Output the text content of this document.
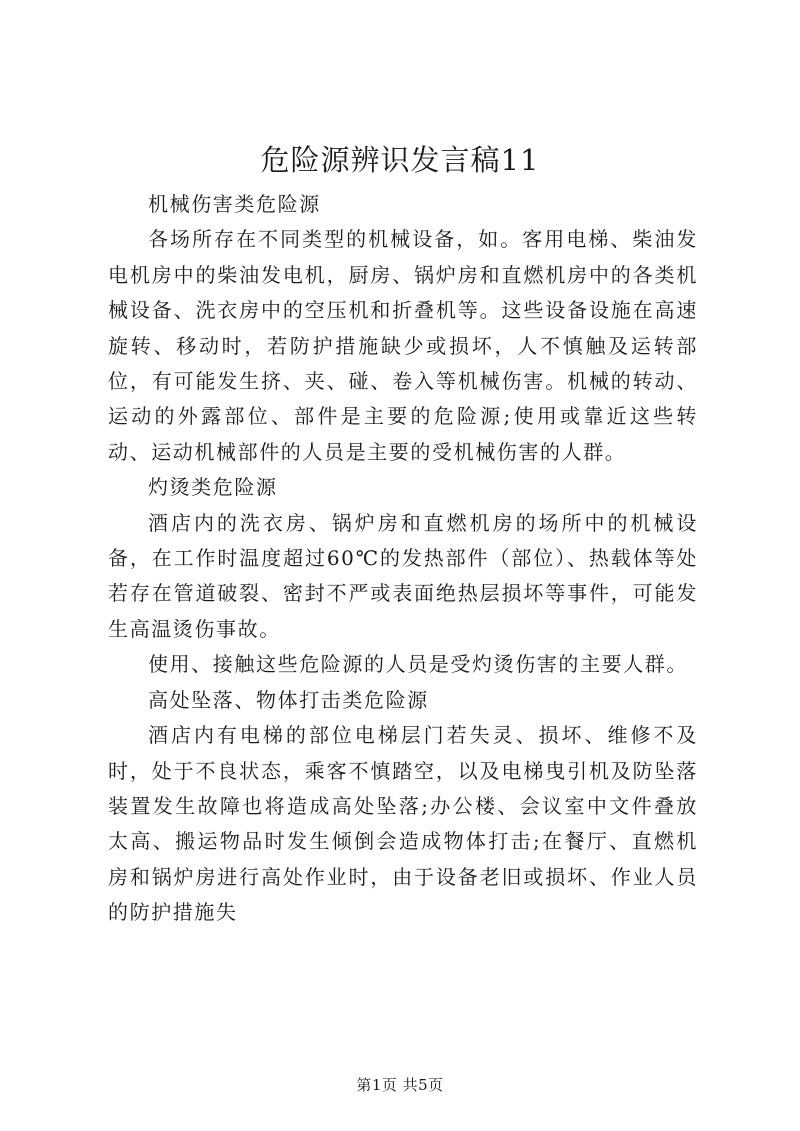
危险源辨识发言稿11

机械伤害类危险源

各场所存在不同类型的机械设备，如。客用电梯、柴油发电机房中的柴油发电机，厨房、锅炉房和直燃机房中的各类机械设备、洗衣房中的空压机和折叠机等。这些设备设施在高速旋转、移动时，若防护措施缺少或损坏，人不慎触及运转部位，有可能发生挤、夹、碰、卷入等机械伤害。机械的转动、运动的外露部位、部件是主要的危险源;使用或靠近这些转动、运动机械部件的人员是主要的受机械伤害的人群。

灼烫类危险源

酒店内的洗衣房、锅炉房和直燃机房的场所中的机械设备，在工作时温度超过60℃的发热部件（部位）、热载体等处若存在管道破裂、密封不严或表面绝热层损坏等事件，可能发生高温烫伤事故。

使用、接触这些危险源的人员是受灼烫伤害的主要人群。

高处坠落、物体打击类危险源

酒店内有电梯的部位电梯层门若失灵、损坏、维修不及时，处于不良状态，乘客不慎踏空，以及电梯曳引机及防坠落装置发生故障也将造成高处坠落;办公楼、会议室中文件叠放太高、搬运物品时发生倾倒会造成物体打击;在餐厅、直燃机房和锅炉房进行高处作业时，由于设备老旧或损坏、作业人员的防护措施失

第1页 共5页
